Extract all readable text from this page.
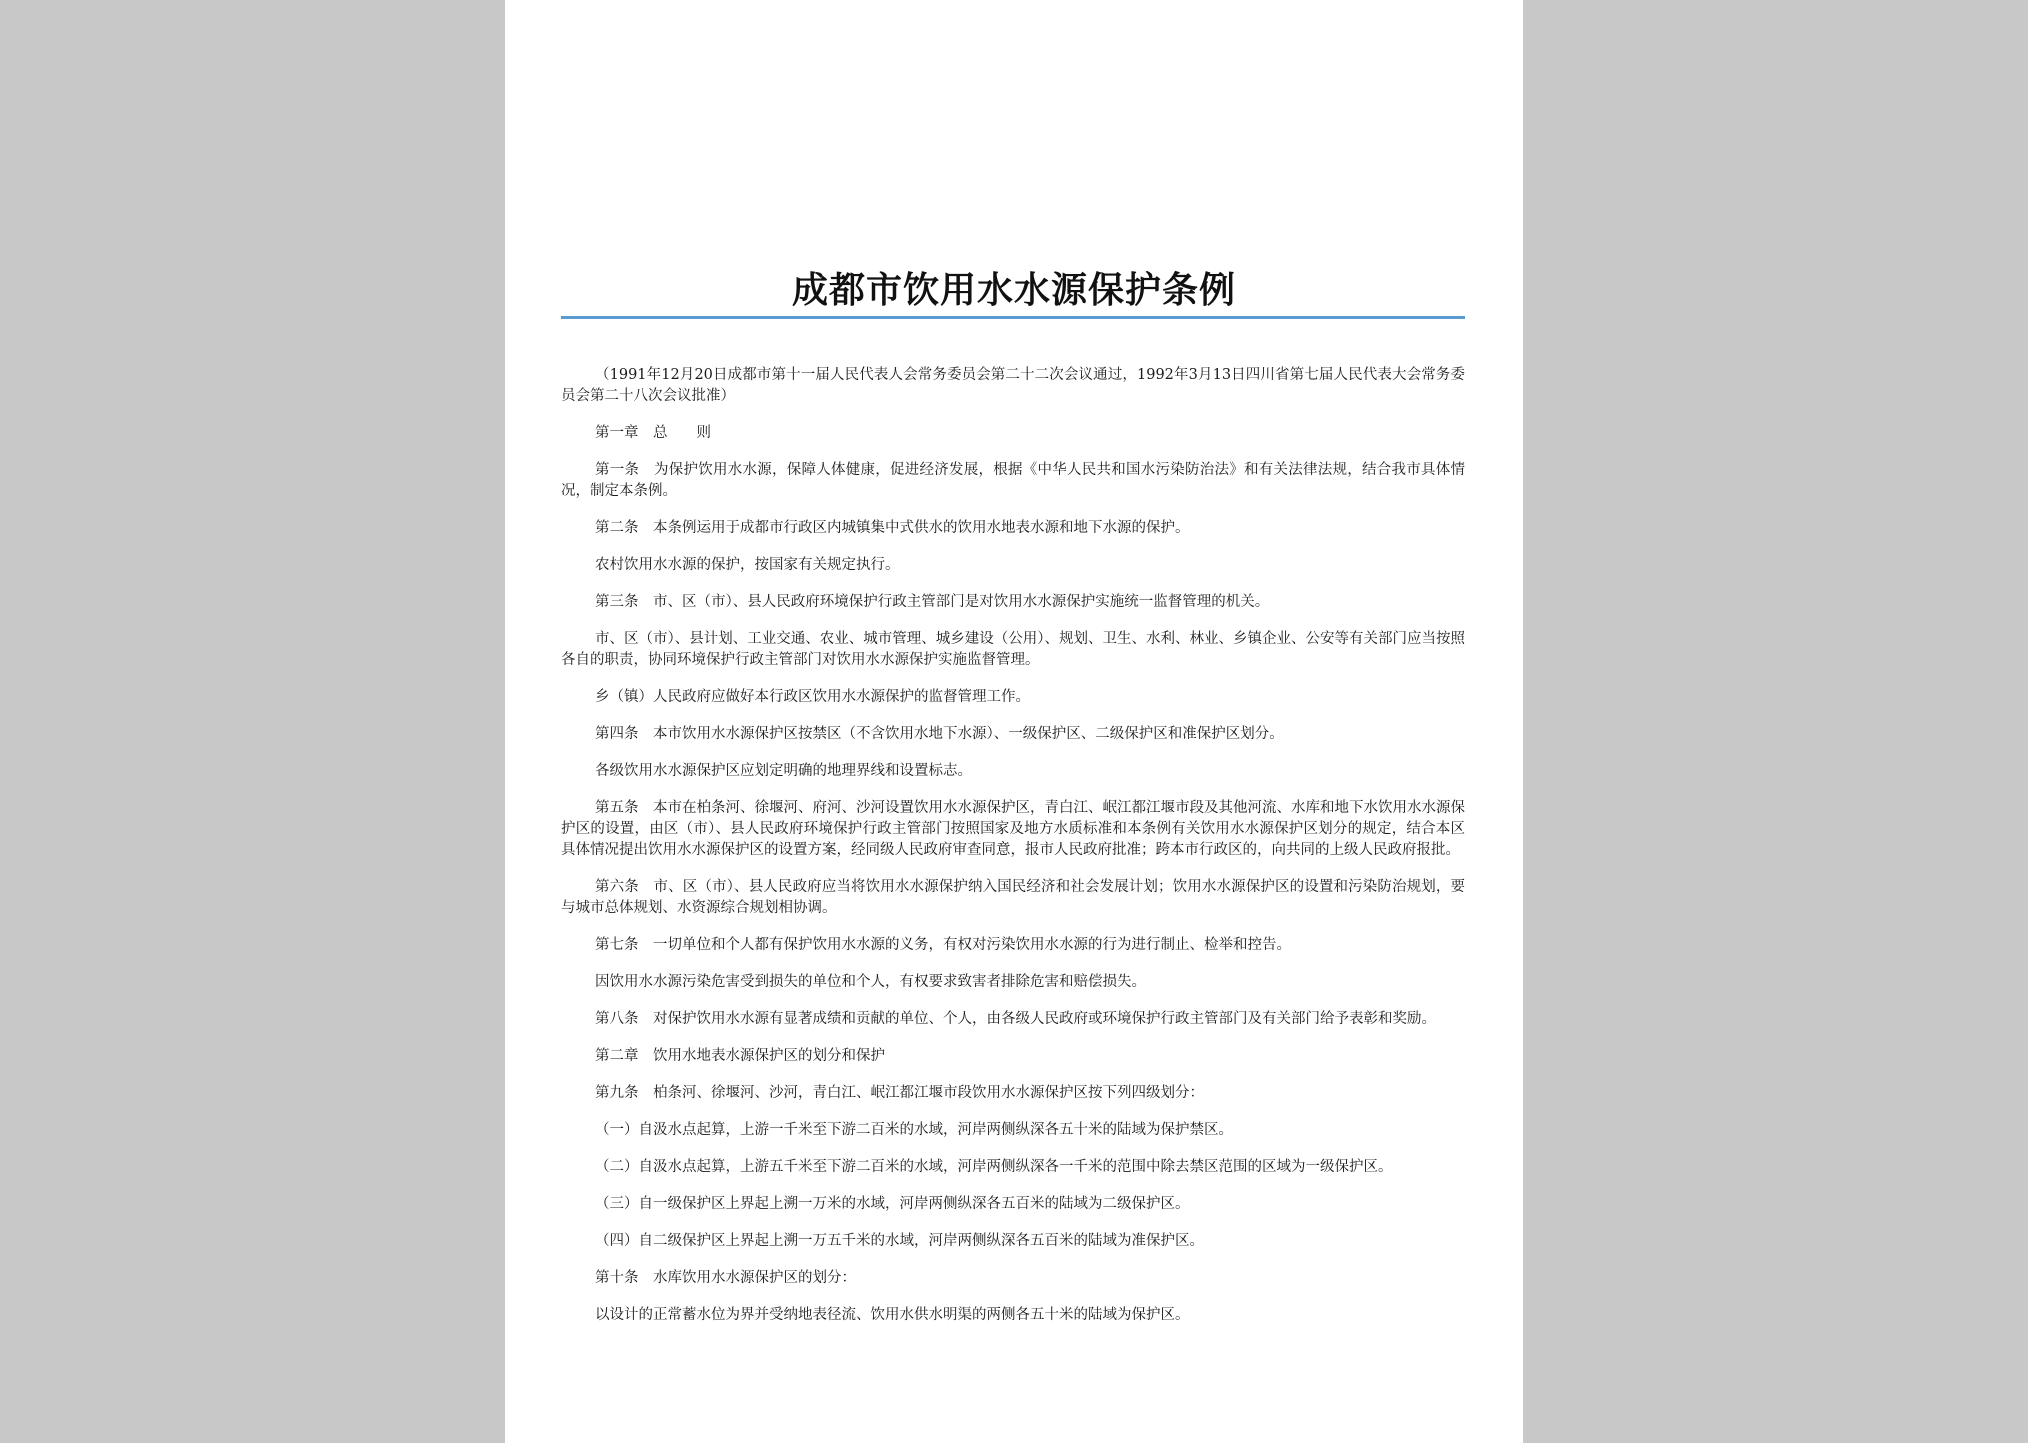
成都市饮用水水源保护条例

（1991年12月20日成都市第十一届人民代表人会常务委员会第二十二次会议通过，1992年3月13日四川省第七届人民代表大会常务委员会第二十八次会议批准）

第一章　总　　则

第一条　为保护饮用水水源，保障人体健康，促进经济发展，根据《中华人民共和国水污染防治法》和有关法律法规，结合我市具体情况，制定本条例。

第二条　本条例运用于成都市行政区内城镇集中式供水的饮用水地表水源和地下水源的保护。

农村饮用水水源的保护，按国家有关规定执行。

第三条　市、区（市）、县人民政府环境保护行政主管部门是对饮用水水源保护实施统一监督管理的机关。

市、区（市）、县计划、工业交通、农业、城市管理、城乡建设（公用）、规划、卫生、水利、林业、乡镇企业、公安等有关部门应当按照各自的职责，协同环境保护行政主管部门对饮用水水源保护实施监督管理。

乡（镇）人民政府应做好本行政区饮用水水源保护的监督管理工作。

第四条　本市饮用水水源保护区按禁区（不含饮用水地下水源）、一级保护区、二级保护区和准保护区划分。

各级饮用水水源保护区应划定明确的地理界线和设置标志。

第五条　本市在柏条河、徐堰河、府河、沙河设置饮用水水源保护区，青白江、岷江都江堰市段及其他河流、水库和地下水饮用水水源保护区的设置，由区（市）、县人民政府环境保护行政主管部门按照国家及地方水质标准和本条例有关饮用水水源保护区划分的规定，结合本区具体情况提出饮用水水源保护区的设置方案，经同级人民政府审查同意，报市人民政府批准；跨本市行政区的，向共同的上级人民政府报批。

第六条　市、区（市）、县人民政府应当将饮用水水源保护纳入国民经济和社会发展计划；饮用水水源保护区的设置和污染防治规划，要与城市总体规划、水资源综合规划相协调。

第七条　一切单位和个人都有保护饮用水水源的义务，有权对污染饮用水水源的行为进行制止、检举和控告。

因饮用水水源污染危害受到损失的单位和个人，有权要求致害者排除危害和赔偿损失。

第八条　对保护饮用水水源有显著成绩和贡献的单位、个人，由各级人民政府或环境保护行政主管部门及有关部门给予表彰和奖励。

第二章　饮用水地表水源保护区的划分和保护

第九条　柏条河、徐堰河、沙河，青白江、岷江都江堰市段饮用水水源保护区按下列四级划分：

（一）自汲水点起算，上游一千米至下游二百米的水域，河岸两侧纵深各五十米的陆域为保护禁区。

（二）自汲水点起算，上游五千米至下游二百米的水域，河岸两侧纵深各一千米的范围中除去禁区范围的区域为一级保护区。

（三）自一级保护区上界起上溯一万米的水域，河岸两侧纵深各五百米的陆域为二级保护区。

（四）自二级保护区上界起上溯一万五千米的水域，河岸两侧纵深各五百米的陆域为准保护区。

第十条　水库饮用水水源保护区的划分：

以设计的正常蓄水位为界并受纳地表径流、饮用水供水明渠的两侧各五十米的陆域为保护区。
